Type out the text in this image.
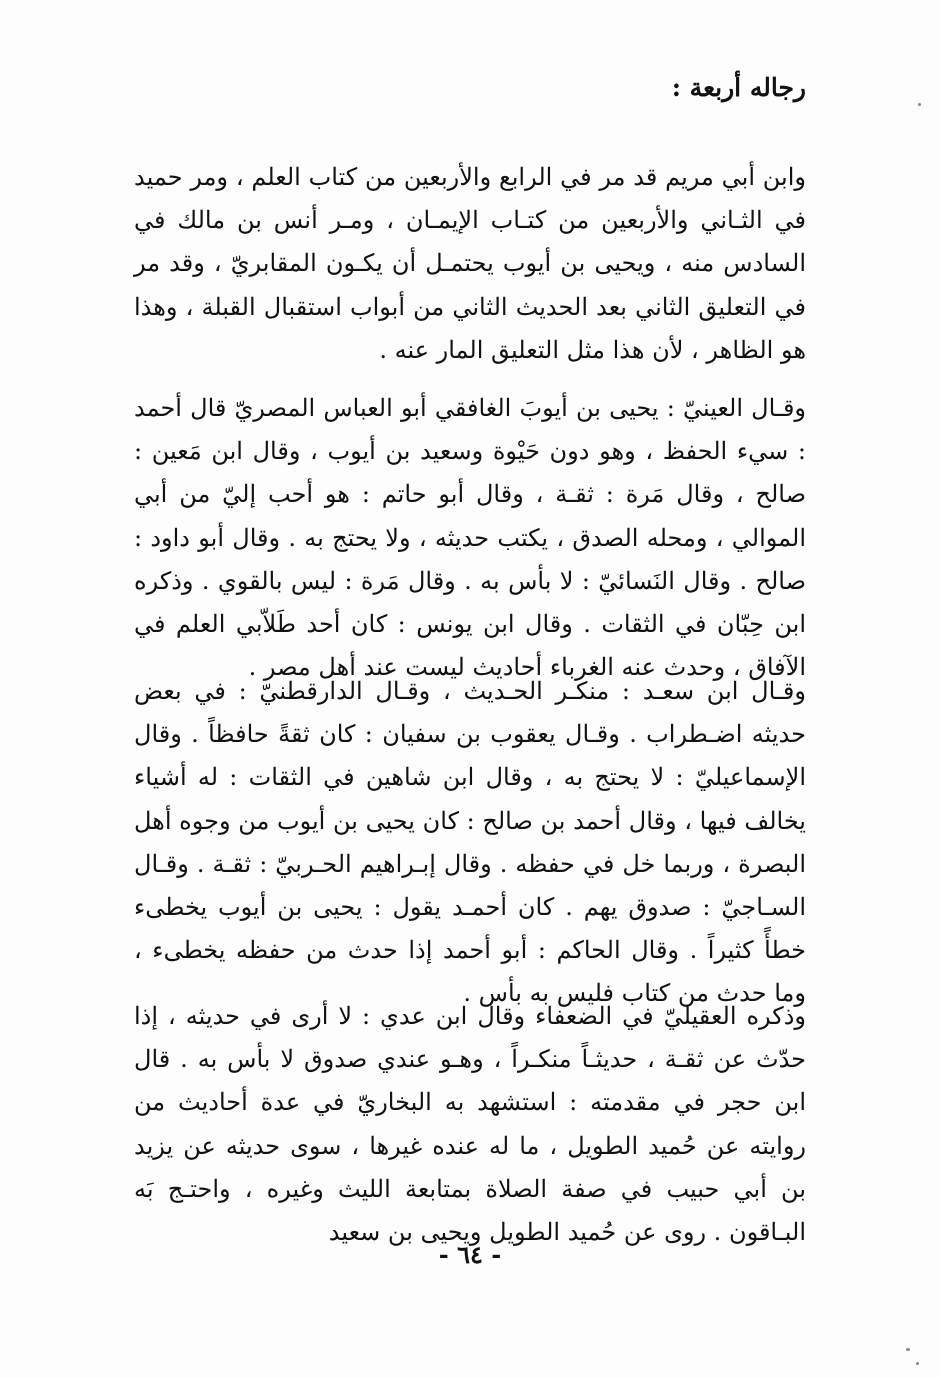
رجاله أربعة :

وابن أبي مريم قد مر في الرابع والأربعين من كتاب العلم ، ومر حميد في الثـاني والأربعين من كتـاب الإيمـان ، ومـر أنس بن مالك في السادس منه ، ويحيى بن أيوب يحتمـل أن يكـون المقابريّ ، وقد مر في التعليق الثاني بعد الحديث الثاني من أبواب استقبال القبلة ، وهذا هو الظاهر ، لأن هذا مثل التعليق المار عنه .

وقـال العينيّ : يحيى بن أيوبَ الغافقي أبو العباس المصريّ قال أحمد : سيء الحفظ ، وهو دون حَيْوة وسعيد بن أيوب ، وقال ابن مَعين : صالح ، وقال مَرة : ثقـة ، وقال أبو حاتم : هو أحب إليّ من أبي الموالي ، ومحله الصدق ، يكتب حديثه ، ولا يحتج به . وقال أبو داود : صالح . وقال النَسائيّ : لا بأس به . وقال مَرة : ليس بالقوي . وذكره ابن حِبّان في الثقات . وقال ابن يونس : كان أحد طَلاّبي العلم في الآفاق ، وحدث عنه الغرباء أحاديث ليست عند أهل مصر .

وقـال ابن سعـد : منكـر الحـديث ، وقـال الدارقطنيّ : في بعض حديثه اضـطراب . وقـال يعقوب بن سفيان : كان ثقةً حافظاً . وقال الإسماعيليّ : لا يحتج به ، وقال ابن شاهين في الثقات : له أشياء يخالف فيها ، وقال أحمد بن صالح : كان يحيى بن أيوب من وجوه أهل البصرة ، وربما خل في حفظه . وقال إبـراهيم الحـربيّ : ثقـة . وقـال السـاجيّ : صدوق يهم . كان أحمـد يقول : يحيى بن أيوب يخطىء خطأً كثيراً . وقال الحاكم : أبو أحمد إذا حدث من حفظه يخطىء ، وما حدث من كتاب فليس به بأس .

وذكره العقيليّ في الضعفاء وقال ابن عدي : لا أرى في حديثه ، إذا حدّث عن ثقـة ، حديثـاً منكـراً ، وهـو عندي صدوق لا بأس به . قال ابن حجر في مقدمته : استشهد به البخاريّ في عدة أحاديث من روايته عن حُميد الطويل ، ما له عنده غيرها ، سوى حديثه عن يزيد بن أبي حبيب في صفة الصلاة بمتابعة الليث وغيره ، واحتـج بَه البـاقون . روى عن حُميد الطويل ويحيى بن سعيد

- ٦٤ -
